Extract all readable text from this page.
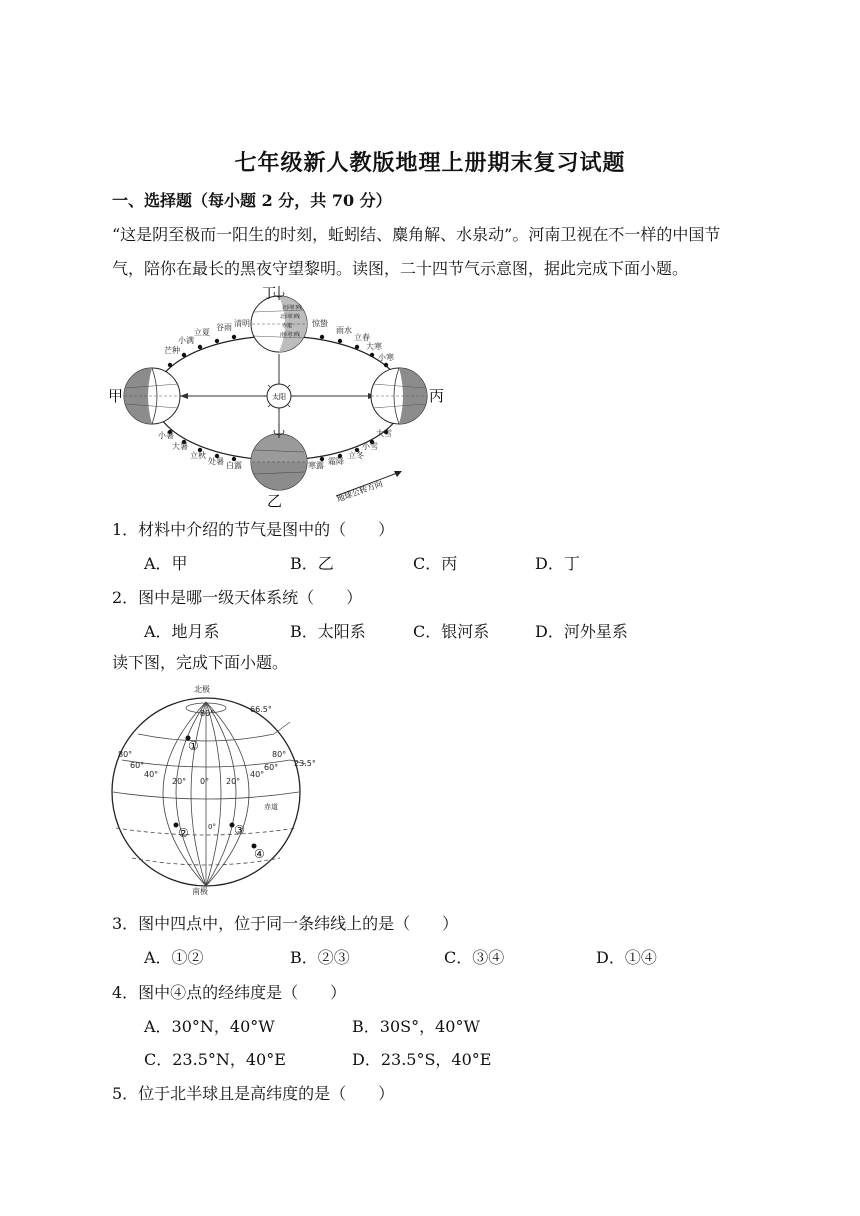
七年级新人教版地理上册期末复习试题
一、选择题（每小题 2 分，共 70 分）
“这是阴至极而一阳生的时刻，蚯蚓结、麋角解、水泉动”。河南卫视在不一样的中国节气，陪你在最长的黑夜守望黎明。读图，二十四节气示意图，据此完成下面小题。
太阳
甲	丙
北回归线
北回归线
赤道
南回归线
丁
乙
芒种
小满
立夏
谷雨 清明	惊蛰
雨水
立春
大寒
小寒
小暑
大暑
立秋
处暑 白露	寒露 霜降
立冬
小雪
大雪
地球公转方向
1．材料中介绍的节气是图中的（　　）
A．甲	B．乙	C．丙	D．丁
2．图中是哪一级天体系统（　　）
A．地月系	B．太阳系	C．银河系	D．河外星系
读下图，完成下面小题。
北极
80°	66.5°
23.5°
赤道
南极
80°
60°
40°
20° 0° 20°
40°
60°
80°
0°
①
②	③
④
3．图中四点中，位于同一条纬线上的是（　　）
A．①②	B．②③	C．③④	D．①④
4．图中④点的经纬度是（　　）
A．30°N，40°W	B．30S°，40°W
C．23.5°N，40°E	D．23.5°S，40°E
5．位于北半球且是高纬度的是（　　）
